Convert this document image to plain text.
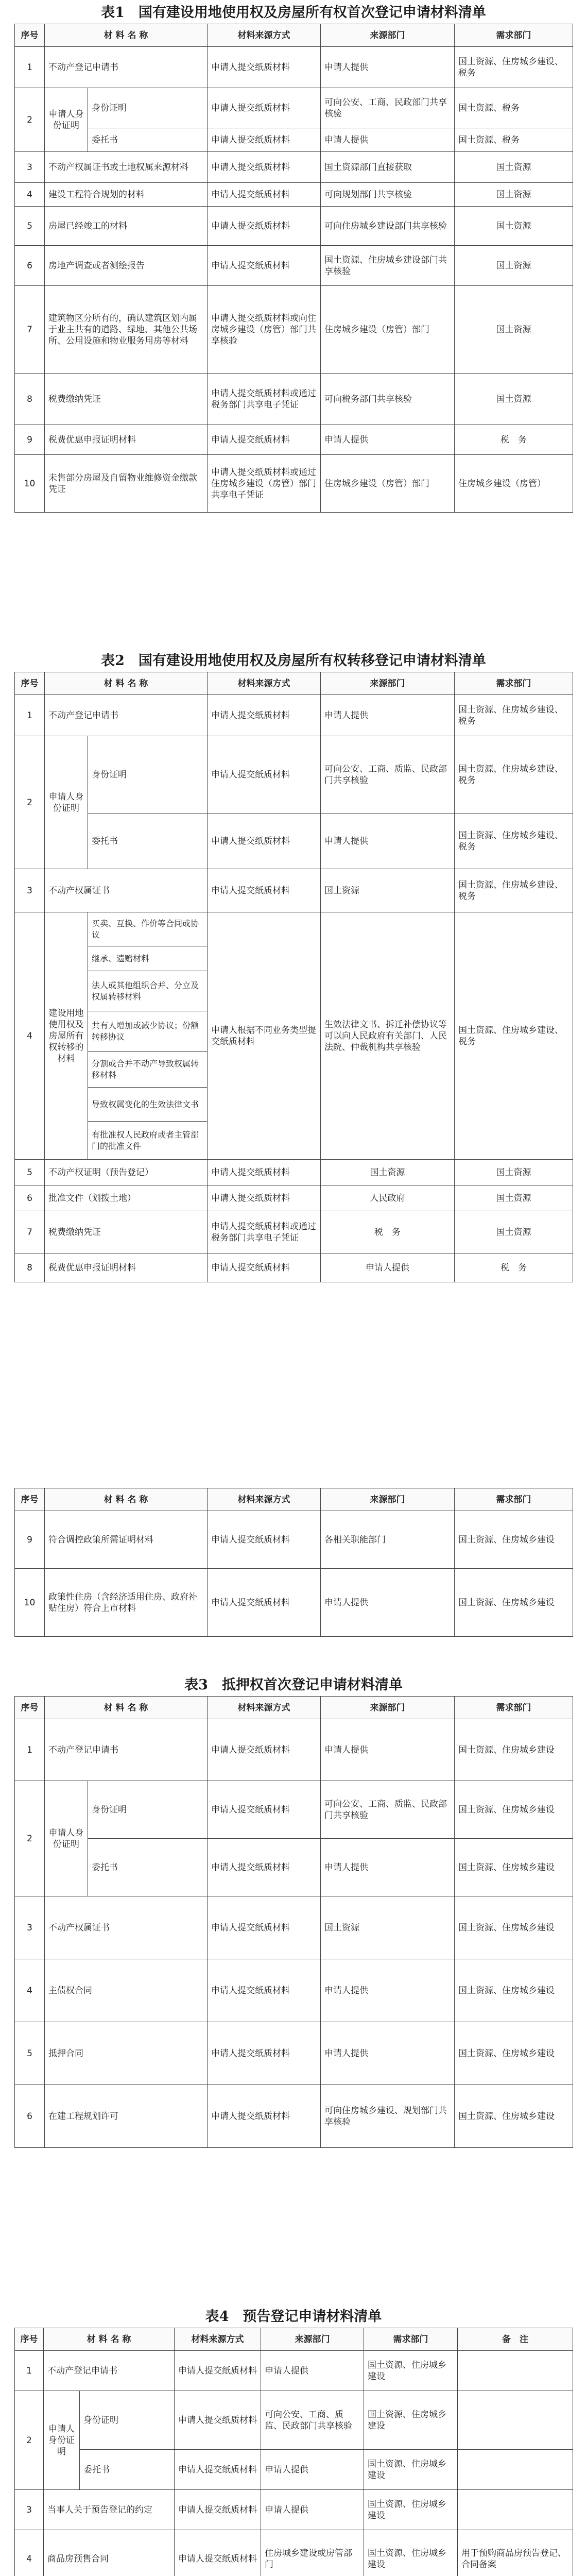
表1　国有建设用地使用权及房屋所有权首次登记申请材料清单
序号	材 料 名 称		材料来源方式	来源部门	需求部门
1	不动产登记申请书		申请人提交纸质材料	申请人提供	国土资源、住房城乡建设、税务
2	申请人身份证明	身份证明	申请人提交纸质材料	可向公安、工商、民政部门共享核验	国土资源、税务
		委托书	申请人提交纸质材料	申请人提供	国土资源、税务
3	不动产权属证书或土地权属来源材料		申请人提交纸质材料	国土资源部门直接获取	国土资源
4	建设工程符合规划的材料		申请人提交纸质材料	可向规划部门共享核验	国土资源
5	房屋已经竣工的材料		申请人提交纸质材料	可向住房城乡建设部门共享核验	国土资源
6	房地产调查或者测绘报告		申请人提交纸质材料	国土资源、住房城乡建设部门共享核验	国土资源
7	建筑物区分所有的，确认建筑区划内属于业主共有的道路、绿地、其他公共场所、公用设施和物业服务用房等材料		申请人提交纸质材料或向住房城乡建设（房管）部门共享核验	住房城乡建设（房管）部门	国土资源
8	税费缴纳凭证		申请人提交纸质材料或通过税务部门共享电子凭证	可向税务部门共享核验	国土资源
9	税费优惠申报证明材料		申请人提交纸质材料	申请人提供	税　务
10	未售部分房屋及自留物业维修资金缴款凭证		申请人提交纸质材料或通过住房城乡建设（房管）部门共享电子凭证	住房城乡建设（房管）部门	住房城乡建设（房管）
表2　国有建设用地使用权及房屋所有权转移登记申请材料清单
序号	材 料 名 称		材料来源方式	来源部门	需求部门
1	不动产登记申请书		申请人提交纸质材料	申请人提供	国土资源、住房城乡建设、税务
2	申请人身份证明	身份证明	申请人提交纸质材料	可向公安、工商、质监、民政部门共享核验	国土资源、住房城乡建设、税务
		委托书	申请人提交纸质材料	申请人提供	国土资源、住房城乡建设、税务
3	不动产权属证书		申请人提交纸质材料	国土资源	国土资源、住房城乡建设、税务
4	建设用地使用权及房屋所有权转移的材料	买卖、互换、作价等合同或协议	申请人根据不同业务类型提交纸质材料	生效法律文书、拆迁补偿协议等可以向人民政府有关部门、人民法院、仲裁机构共享核验	国土资源、住房城乡建设、税务
		继承、遗赠材料			
		法人或其他组织合并、分立及权属转移材料			
		共有人增加或减少协议；份额转移协议			
		分割或合并不动产导致权属转移材料			
		导致权属变化的生效法律文书			
		有批准权人民政府或者主管部门的批准文件			
5	不动产权证明（预告登记）		申请人提交纸质材料	国土资源	国土资源
6	批准文件（划拨土地）		申请人提交纸质材料	人民政府	国土资源
7	税费缴纳凭证		申请人提交纸质材料或通过税务部门共享电子凭证	税　务	国土资源
8	税费优惠申报证明材料		申请人提交纸质材料	申请人提供	税　务
序号	材 料 名 称	材料来源方式	来源部门	需求部门
9	符合调控政策所需证明材料	申请人提交纸质材料	各相关职能部门	国土资源、住房城乡建设
10	政策性住房（含经济适用住房、政府补贴住房）符合上市材料	申请人提交纸质材料	申请人提供	国土资源、住房城乡建设
表3　抵押权首次登记申请材料清单
序号	材 料 名 称		材料来源方式	来源部门	需求部门
1	不动产登记申请书		申请人提交纸质材料	申请人提供	国土资源、住房城乡建设
2	申请人身份证明	身份证明	申请人提交纸质材料	可向公安、工商、质监、民政部门共享核验	国土资源、住房城乡建设
		委托书	申请人提交纸质材料	申请人提供	国土资源、住房城乡建设
3	不动产权属证书		申请人提交纸质材料	国土资源	国土资源、住房城乡建设
4	主债权合同		申请人提交纸质材料	申请人提供	国土资源、住房城乡建设
5	抵押合同		申请人提交纸质材料	申请人提供	国土资源、住房城乡建设
6	在建工程规划许可		申请人提交纸质材料	可向住房城乡建设、规划部门共享核验	国土资源、住房城乡建设
表4　预告登记申请材料清单
序号	材 料 名 称		材料来源方式	来源部门	需求部门	备　注
1	不动产登记申请书		申请人提交纸质材料	申请人提供	国土资源、住房城乡建设	
2	申请人身份证明	身份证明	申请人提交纸质材料	可向公安、工商、质监、民政部门共享核验	国土资源、住房城乡建设	
		委托书	申请人提交纸质材料	申请人提供	国土资源、住房城乡建设	
3	当事人关于预告登记的约定		申请人提交纸质材料	申请人提供	国土资源、住房城乡建设	
4	商品房预售合同		申请人提交纸质材料	住房城乡建设或房管部门	国土资源、住房城乡建设	用于预购商品房预告登记、合同备案
